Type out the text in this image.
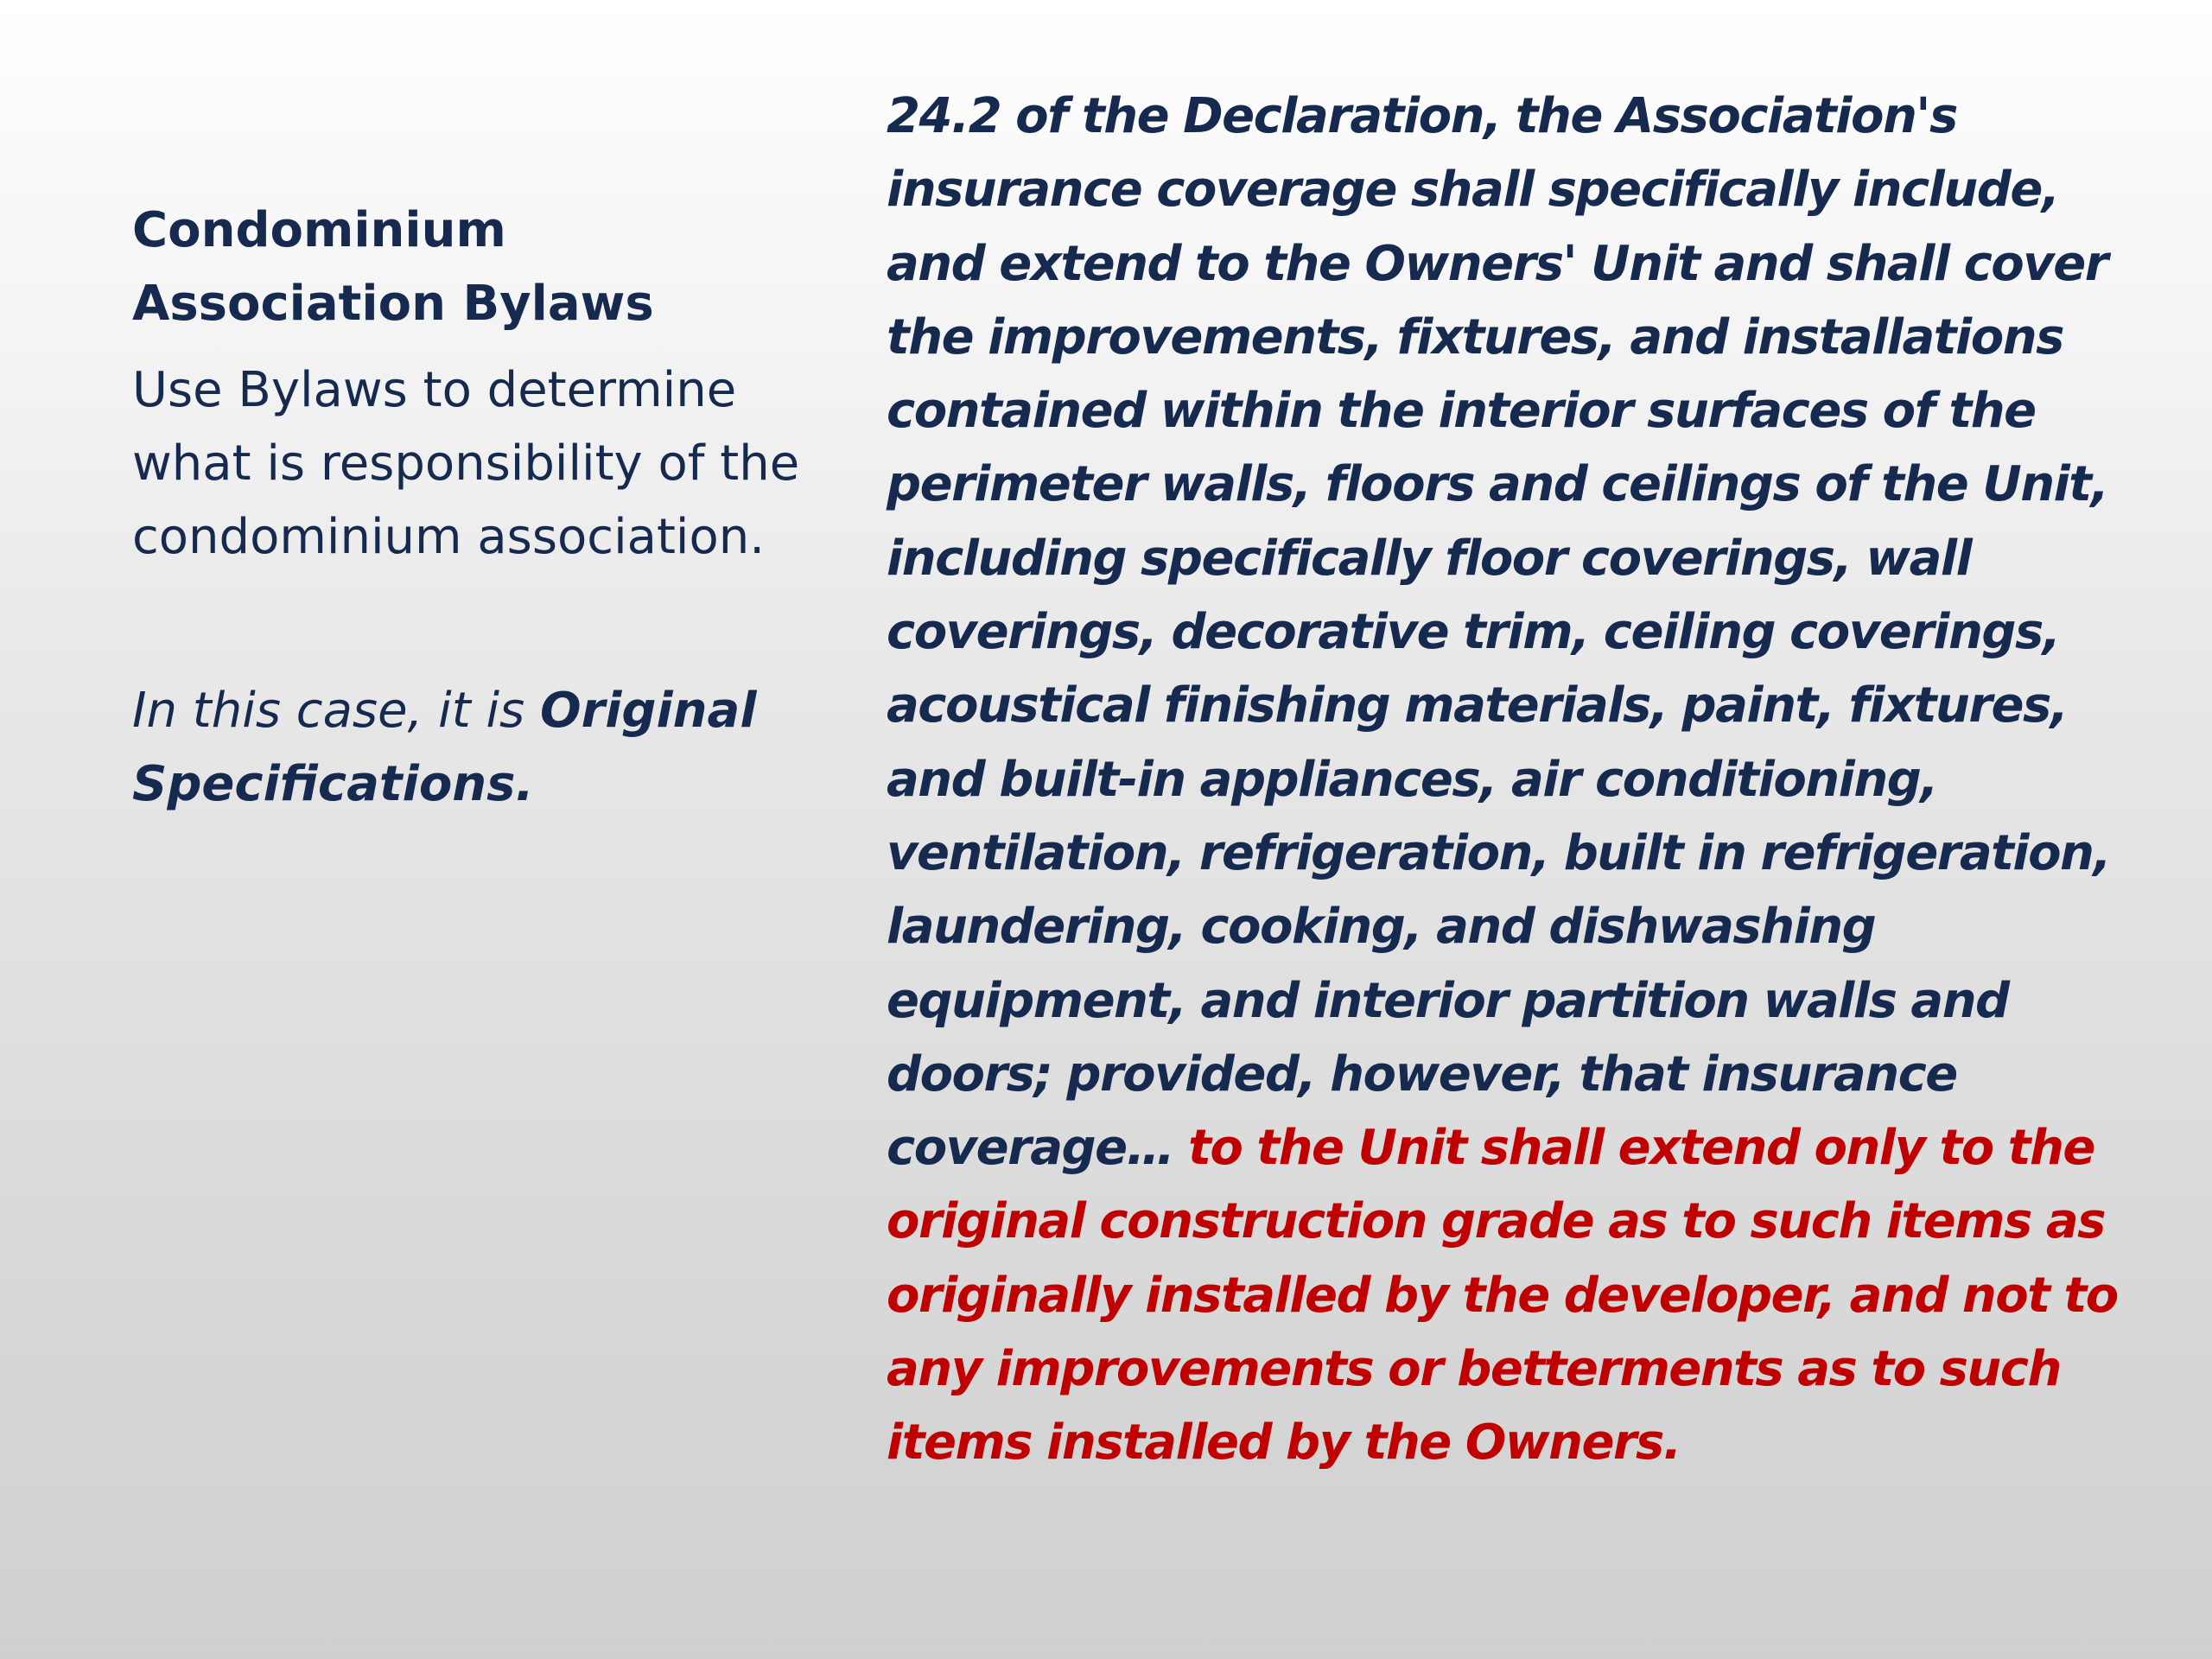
Condominium Association Bylaws

Use Bylaws to determine what is responsibility of the condominium association.

In this case, it is Original Specifications.

24.2 of the Declaration, the Association's insurance coverage shall specifically include, and extend to the Owners' Unit and shall cover the improvements, fixtures, and installations contained within the interior surfaces of the perimeter walls, floors and ceilings of the Unit, including specifically floor coverings, wall coverings, decorative trim, ceiling coverings, acoustical finishing materials, paint, fixtures, and built-in appliances, air conditioning, ventilation, refrigeration, built in refrigeration, laundering, cooking, and dishwashing equipment, and interior partition walls and doors; provided, however, that insurance coverage… to the Unit shall extend only to the original construction grade as to such items as originally installed by the developer, and not to any improvements or betterments as to such items installed by the Owners.
